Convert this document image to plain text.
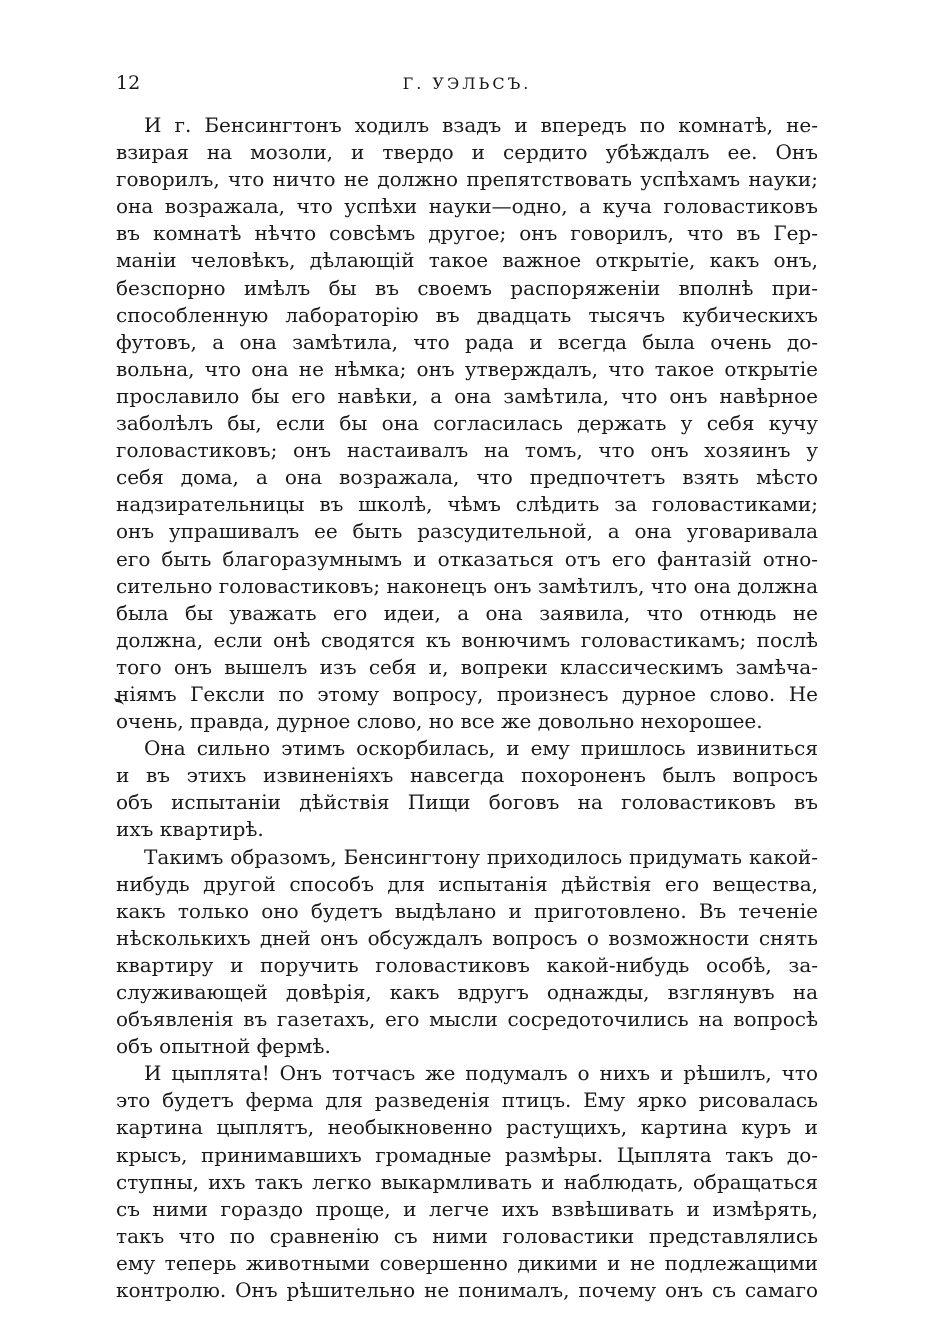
12	Г. УЭЛЬСЪ.
И г. Бенсингтонъ ходилъ взадъ и впередъ по комнатѣ, не-
взирая на мозоли, и твердо и сердито убѣждалъ ее. Онъ
говорилъ, что ничто не должно препятствовать успѣхамъ науки;
она возражала, что успѣхи науки—одно, а куча головастиковъ
въ комнатѣ нѣчто совсѣмъ другое; онъ говорилъ, что въ Гер-
маніи человѣкъ, дѣлающій такое важное открытіе, какъ онъ,
безспорно имѣлъ бы въ своемъ распоряженіи вполнѣ при-
способленную лабораторію въ двадцать тысячъ кубическихъ
футовъ, а она замѣтила, что рада и всегда была очень до-
вольна, что она не нѣмка; онъ утверждалъ, что такое открытіе
прославило бы его навѣки, а она замѣтила, что онъ навѣрное
заболѣлъ бы, если бы она согласилась держать у себя кучу
головастиковъ; онъ настаивалъ на томъ, что онъ хозяинъ у
себя дома, а она возражала, что предпочтетъ взять мѣсто
надзирательницы въ школѣ, чѣмъ слѣдить за головастиками;
онъ упрашивалъ ее быть разсудительной, а она уговаривала
его быть благоразумнымъ и отказаться отъ его фантазій отно-
сительно головастиковъ; наконецъ онъ замѣтилъ, что она должна
была бы уважать его идеи, а она заявила, что отнюдь не
должна, если онѣ сводятся къ вонючимъ головастикамъ; послѣ
того онъ вышелъ изъ себя и, вопреки классическимъ замѣча-
ніямъ Гексли по этому вопросу, произнесъ дурное слово. Не
очень, правда, дурное слово, но все же довольно нехорошее.
Она сильно этимъ оскорбилась, и ему пришлось извиниться
и въ этихъ извиненіяхъ навсегда похороненъ былъ вопросъ
объ испытаніи дѣйствія Пищи боговъ на головастиковъ въ
ихъ квартирѣ.
Такимъ образомъ, Бенсингтону приходилось придумать какой-
нибудь другой способъ для испытанія дѣйствія его вещества,
какъ только оно будетъ выдѣлано и приготовлено. Въ теченіе
нѣсколькихъ дней онъ обсуждалъ вопросъ о возможности снять
квартиру и поручить головастиковъ какой-нибудь особѣ, за-
служивающей довѣрія, какъ вдругъ однажды, взглянувъ на
объявленія въ газетахъ, его мысли сосредоточились на вопросѣ
объ опытной фермѣ.
И цыплята! Онъ тотчасъ же подумалъ о нихъ и рѣшилъ, что
это будетъ ферма для разведенія птицъ. Ему ярко рисовалась
картина цыплятъ, необыкновенно растущихъ, картина куръ и
крысъ, принимавшихъ громадные размѣры. Цыплята такъ до-
ступны, ихъ такъ легко выкармливать и наблюдать, обращаться
съ ними гораздо проще, и легче ихъ взвѣшивать и измѣрять,
такъ что по сравненію съ ними головастики представлялись
ему теперь животными совершенно дикими и не подлежащими
контролю. Онъ рѣшительно не понималъ, почему онъ съ самаго
